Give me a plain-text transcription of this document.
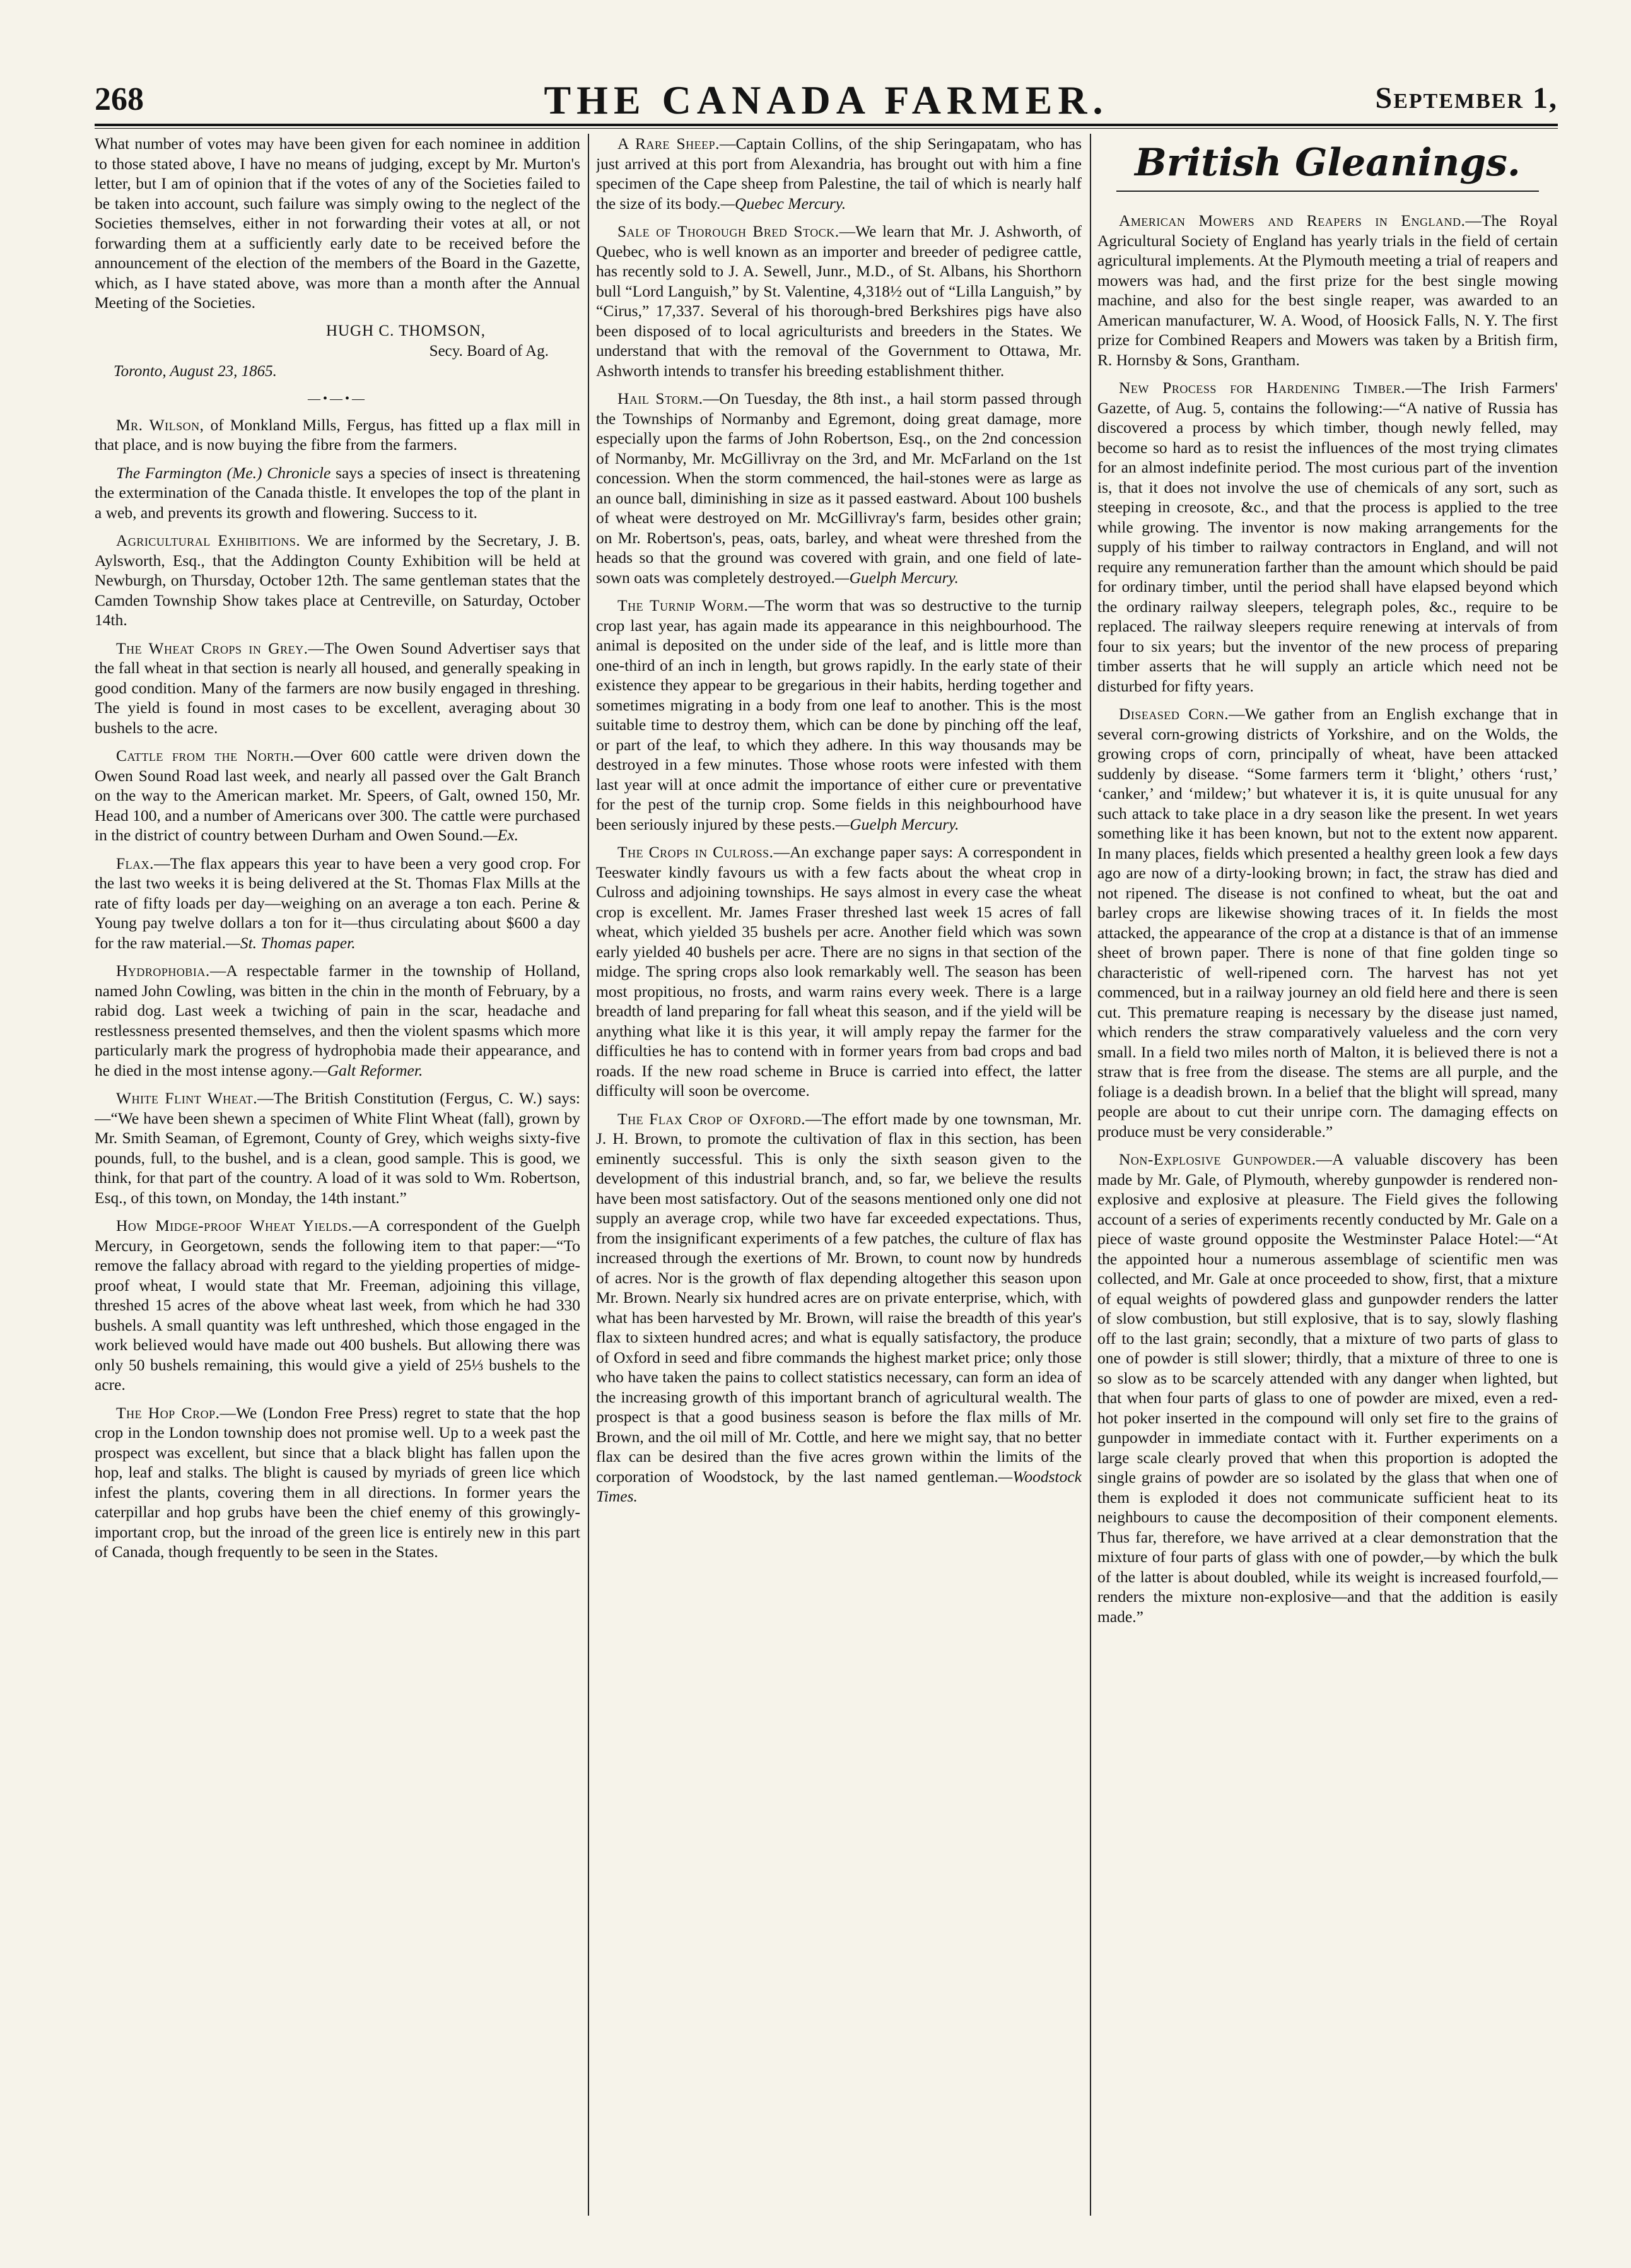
268	THE CANADA FARMER.	September 1,

What number of votes may have been given for each nominee in addition to those stated above, I have no means of judging, except by Mr. Murton's letter, but I am of opinion that if the votes of any of the Societies failed to be taken into account, such failure was simply owing to the neglect of the Societies themselves, either in not forwarding their votes at all, or not forwarding them at a sufficiently early date to be received before the announcement of the election of the members of the Board in the Gazette, which, as I have stated above, was more than a month after the Annual Meeting of the Societies.

HUGH C. THOMSON,

Secy. Board of Ag.

Toronto, August 23, 1865.

—•—•—

Mr. Wilson, of Monkland Mills, Fergus, has fitted up a flax mill in that place, and is now buying the fibre from the farmers.

The Farmington (Me.) Chronicle says a species of insect is threatening the extermination of the Canada thistle. It envelopes the top of the plant in a web, and prevents its growth and flowering. Success to it.

Agricultural Exhibitions. We are informed by the Secretary, J. B. Aylsworth, Esq., that the Addington County Exhibition will be held at Newburgh, on Thursday, October 12th. The same gentleman states that the Camden Township Show takes place at Centreville, on Saturday, October 14th.

The Wheat Crops in Grey.—The Owen Sound Advertiser says that the fall wheat in that section is nearly all housed, and generally speaking in good condition. Many of the farmers are now busily engaged in threshing. The yield is found in most cases to be excellent, averaging about 30 bushels to the acre.

Cattle from the North.—Over 600 cattle were driven down the Owen Sound Road last week, and nearly all passed over the Galt Branch on the way to the American market. Mr. Speers, of Galt, owned 150, Mr. Head 100, and a number of Americans over 300. The cattle were purchased in the district of country between Durham and Owen Sound.—Ex.

Flax.—The flax appears this year to have been a very good crop. For the last two weeks it is being delivered at the St. Thomas Flax Mills at the rate of fifty loads per day—weighing on an average a ton each. Perine & Young pay twelve dollars a ton for it—thus circulating about $600 a day for the raw material.—St. Thomas paper.

Hydrophobia.—A respectable farmer in the township of Holland, named John Cowling, was bitten in the chin in the month of February, by a rabid dog. Last week a twiching of pain in the scar, headache and restlessness presented themselves, and then the violent spasms which more particularly mark the progress of hydrophobia made their appearance, and he died in the most intense agony.—Galt Reformer.

White Flint Wheat.—The British Constitution (Fergus, C. W.) says:—“We have been shewn a specimen of White Flint Wheat (fall), grown by Mr. Smith Seaman, of Egremont, County of Grey, which weighs sixty-five pounds, full, to the bushel, and is a clean, good sample. This is good, we think, for that part of the country. A load of it was sold to Wm. Robertson, Esq., of this town, on Monday, the 14th instant.”

How Midge-proof Wheat Yields.—A correspondent of the Guelph Mercury, in Georgetown, sends the following item to that paper:—“To remove the fallacy abroad with regard to the yielding properties of midge-proof wheat, I would state that Mr. Freeman, adjoining this village, threshed 15 acres of the above wheat last week, from which he had 330 bushels. A small quantity was left unthreshed, which those engaged in the work believed would have made out 400 bushels. But allowing there was only 50 bushels remaining, this would give a yield of 25⅓ bushels to the acre.

The Hop Crop.—We (London Free Press) regret to state that the hop crop in the London township does not promise well. Up to a week past the prospect was excellent, but since that a black blight has fallen upon the hop, leaf and stalks. The blight is caused by myriads of green lice which infest the plants, covering them in all directions. In former years the caterpillar and hop grubs have been the chief enemy of this growingly-important crop, but the inroad of the green lice is entirely new in this part of Canada, though frequently to be seen in the States.

A Rare Sheep.—Captain Collins, of the ship Seringapatam, who has just arrived at this port from Alexandria, has brought out with him a fine specimen of the Cape sheep from Palestine, the tail of which is nearly half the size of its body.—Quebec Mercury.

Sale of Thorough Bred Stock.—We learn that Mr. J. Ashworth, of Quebec, who is well known as an importer and breeder of pedigree cattle, has recently sold to J. A. Sewell, Junr., M.D., of St. Albans, his Shorthorn bull “Lord Languish,” by St. Valentine, 4,318½ out of “Lilla Languish,” by “Cirus,” 17,337. Several of his thorough-bred Berkshires pigs have also been disposed of to local agriculturists and breeders in the States. We understand that with the removal of the Government to Ottawa, Mr. Ashworth intends to transfer his breeding establishment thither.

Hail Storm.—On Tuesday, the 8th inst., a hail storm passed through the Townships of Normanby and Egremont, doing great damage, more especially upon the farms of John Robertson, Esq., on the 2nd concession of Normanby, Mr. McGillivray on the 3rd, and Mr. McFarland on the 1st concession. When the storm commenced, the hail-stones were as large as an ounce ball, diminishing in size as it passed eastward. About 100 bushels of wheat were destroyed on Mr. McGillivray's farm, besides other grain; on Mr. Robertson's, peas, oats, barley, and wheat were threshed from the heads so that the ground was covered with grain, and one field of late-sown oats was completely destroyed.—Guelph Mercury.

The Turnip Worm.—The worm that was so destructive to the turnip crop last year, has again made its appearance in this neighbourhood. The animal is deposited on the under side of the leaf, and is little more than one-third of an inch in length, but grows rapidly. In the early state of their existence they appear to be gregarious in their habits, herding together and sometimes migrating in a body from one leaf to another. This is the most suitable time to destroy them, which can be done by pinching off the leaf, or part of the leaf, to which they adhere. In this way thousands may be destroyed in a few minutes. Those whose roots were infested with them last year will at once admit the importance of either cure or preventative for the pest of the turnip crop. Some fields in this neighbourhood have been seriously injured by these pests.—Guelph Mercury.

The Crops in Culross.—An exchange paper says: A correspondent in Teeswater kindly favours us with a few facts about the wheat crop in Culross and adjoining townships. He says almost in every case the wheat crop is excellent. Mr. James Fraser threshed last week 15 acres of fall wheat, which yielded 35 bushels per acre. Another field which was sown early yielded 40 bushels per acre. There are no signs in that section of the midge. The spring crops also look remarkably well. The season has been most propitious, no frosts, and warm rains every week. There is a large breadth of land preparing for fall wheat this season, and if the yield will be anything what like it is this year, it will amply repay the farmer for the difficulties he has to contend with in former years from bad crops and bad roads. If the new road scheme in Bruce is carried into effect, the latter difficulty will soon be overcome.

The Flax Crop of Oxford.—The effort made by one townsman, Mr. J. H. Brown, to promote the cultivation of flax in this section, has been eminently successful. This is only the sixth season given to the development of this industrial branch, and, so far, we believe the results have been most satisfactory. Out of the seasons mentioned only one did not supply an average crop, while two have far exceeded expectations. Thus, from the insignificant experiments of a few patches, the culture of flax has increased through the exertions of Mr. Brown, to count now by hundreds of acres. Nor is the growth of flax depending altogether this season upon Mr. Brown. Nearly six hundred acres are on private enterprise, which, with what has been harvested by Mr. Brown, will raise the breadth of this year's flax to sixteen hundred acres; and what is equally satisfactory, the produce of Oxford in seed and fibre commands the highest market price; only those who have taken the pains to collect statistics necessary, can form an idea of the increasing growth of this important branch of agricultural wealth. The prospect is that a good business season is before the flax mills of Mr. Brown, and the oil mill of Mr. Cottle, and here we might say, that no better flax can be desired than the five acres grown within the limits of the corporation of Woodstock, by the last named gentleman.—Woodstock Times.

British Gleanings.

American Mowers and Reapers in England.—The Royal Agricultural Society of England has yearly trials in the field of certain agricultural implements. At the Plymouth meeting a trial of reapers and mowers was had, and the first prize for the best single mowing machine, and also for the best single reaper, was awarded to an American manufacturer, W. A. Wood, of Hoosick Falls, N. Y. The first prize for Combined Reapers and Mowers was taken by a British firm, R. Hornsby & Sons, Grantham.

New Process for Hardening Timber.—The Irish Farmers' Gazette, of Aug. 5, contains the following:—“A native of Russia has discovered a process by which timber, though newly felled, may become so hard as to resist the influences of the most trying climates for an almost indefinite period. The most curious part of the invention is, that it does not involve the use of chemicals of any sort, such as steeping in creosote, &c., and that the process is applied to the tree while growing. The inventor is now making arrangements for the supply of his timber to railway contractors in England, and will not require any remuneration farther than the amount which should be paid for ordinary timber, until the period shall have elapsed beyond which the ordinary railway sleepers, telegraph poles, &c., require to be replaced. The railway sleepers require renewing at intervals of from four to six years; but the inventor of the new process of preparing timber asserts that he will supply an article which need not be disturbed for fifty years.

Diseased Corn.—We gather from an English exchange that in several corn-growing districts of Yorkshire, and on the Wolds, the growing crops of corn, principally of wheat, have been attacked suddenly by disease. “Some farmers term it ‘blight,’ others ‘rust,’ ‘canker,’ and ‘mildew;’ but whatever it is, it is quite unusual for any such attack to take place in a dry season like the present. In wet years something like it has been known, but not to the extent now apparent. In many places, fields which presented a healthy green look a few days ago are now of a dirty-looking brown; in fact, the straw has died and not ripened. The disease is not confined to wheat, but the oat and barley crops are likewise showing traces of it. In fields the most attacked, the appearance of the crop at a distance is that of an immense sheet of brown paper. There is none of that fine golden tinge so characteristic of well-ripened corn. The harvest has not yet commenced, but in a railway journey an old field here and there is seen cut. This premature reaping is necessary by the disease just named, which renders the straw comparatively valueless and the corn very small. In a field two miles north of Malton, it is believed there is not a straw that is free from the disease. The stems are all purple, and the foliage is a deadish brown. In a belief that the blight will spread, many people are about to cut their unripe corn. The damaging effects on produce must be very considerable.”

Non-Explosive Gunpowder.—A valuable discovery has been made by Mr. Gale, of Plymouth, whereby gunpowder is rendered non-explosive and explosive at pleasure. The Field gives the following account of a series of experiments recently conducted by Mr. Gale on a piece of waste ground opposite the Westminster Palace Hotel:—“At the appointed hour a numerous assemblage of scientific men was collected, and Mr. Gale at once proceeded to show, first, that a mixture of equal weights of powdered glass and gunpowder renders the latter of slow combustion, but still explosive, that is to say, slowly flashing off to the last grain; secondly, that a mixture of two parts of glass to one of powder is still slower; thirdly, that a mixture of three to one is so slow as to be scarcely attended with any danger when lighted, but that when four parts of glass to one of powder are mixed, even a red-hot poker inserted in the compound will only set fire to the grains of gunpowder in immediate contact with it. Further experiments on a large scale clearly proved that when this proportion is adopted the single grains of powder are so isolated by the glass that when one of them is exploded it does not communicate sufficient heat to its neighbours to cause the decomposition of their component elements. Thus far, therefore, we have arrived at a clear demonstration that the mixture of four parts of glass with one of powder,—by which the bulk of the latter is about doubled, while its weight is increased fourfold,—renders the mixture non-explosive—and that the addition is easily made.”
